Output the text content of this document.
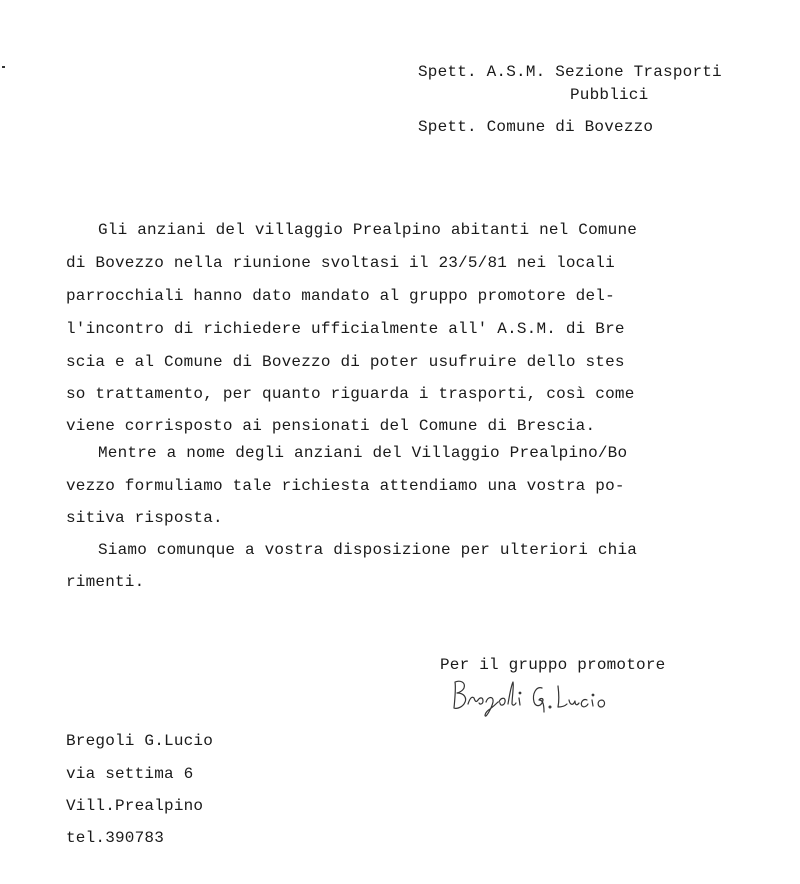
Spett. A.S.M. Sezione Trasporti
Pubblici
Spett. Comune di Bovezzo
Gli anziani del villaggio Prealpino abitanti nel Comune
di Bovezzo nella riunione svoltasi il 23/5/81 nei locali
parrocchiali hanno dato mandato al gruppo promotore del-
l'incontro di richiedere ufficialmente all' A.S.M. di Bre
scia e al Comune di Bovezzo di poter usufruire dello stes
so trattamento, per quanto riguarda i trasporti, così come
viene corrisposto ai pensionati del Comune di Brescia.
Mentre a nome degli anziani del Villaggio Prealpino/Bo
vezzo formuliamo tale richiesta attendiamo una vostra po-
sitiva risposta.
Siamo comunque a vostra disposizione per ulteriori chia
rimenti.
Per il gruppo promotore
Bregoli G.Lucio
via settima 6
Vill.Prealpino
tel.390783
